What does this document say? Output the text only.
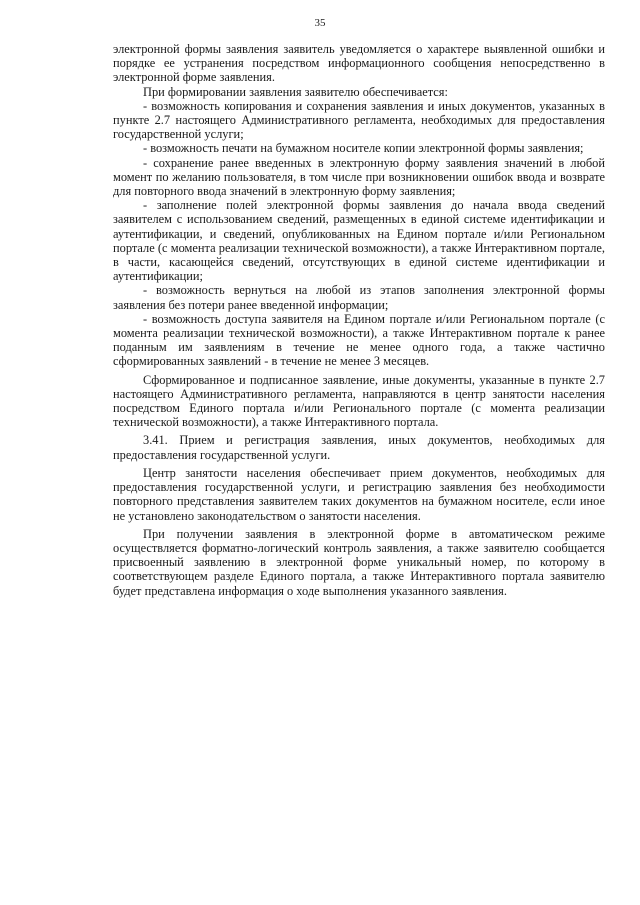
35

электронной формы заявления заявитель уведомляется о характере выявленной ошибки и порядке ее устранения посредством информационного сообщения непосредственно в электронной форме заявления.

При формировании заявления заявителю обеспечивается:

- возможность копирования и сохранения заявления и иных документов, указанных в пункте 2.7 настоящего Административного регламента, необходимых для предоставления государственной услуги;

- возможность печати на бумажном носителе копии электронной формы заявления;

- сохранение ранее введенных в электронную форму заявления значений в любой момент по желанию пользователя, в том числе при возникновении ошибок ввода и возврате для повторного ввода значений в электронную форму заявления;

- заполнение полей электронной формы заявления до начала ввода сведений заявителем с использованием сведений, размещенных в единой системе идентификации и аутентификации, и сведений, опубликованных на Едином портале и/или Региональном портале (с момента реализации технической возможности), а также Интерактивном портале, в части, касающейся сведений, отсутствующих в единой системе идентификации и аутентификации;

- возможность вернуться на любой из этапов заполнения электронной формы заявления без потери ранее введенной информации;

- возможность доступа заявителя на Едином портале и/или Региональном портале (с момента реализации технической возможности), а также Интерактивном портале к ранее поданным им заявлениям в течение не менее одного года, а также частично сформированных заявлений - в течение не менее 3 месяцев.

Сформированное и подписанное заявление, иные документы, указанные в пункте 2.7 настоящего Административного регламента, направляются в центр занятости населения посредством Единого портала и/или Регионального портале (с момента реализации технической возможности), а также Интерактивного портала.

3.41. Прием и регистрация заявления, иных документов, необходимых для предоставления государственной услуги.

Центр занятости населения обеспечивает прием документов, необходимых для предоставления государственной услуги, и регистрацию заявления без необходимости повторного представления заявителем таких документов на бумажном носителе, если иное не установлено законодательством о занятости населения.

При получении заявления в электронной форме в автоматическом режиме осуществляется форматно-логический контроль заявления, а также заявителю сообщается присвоенный заявлению в электронной форме уникальный номер, по которому в соответствующем разделе Единого портала, а также Интерактивного портала заявителю будет представлена информация о ходе выполнения указанного заявления.
